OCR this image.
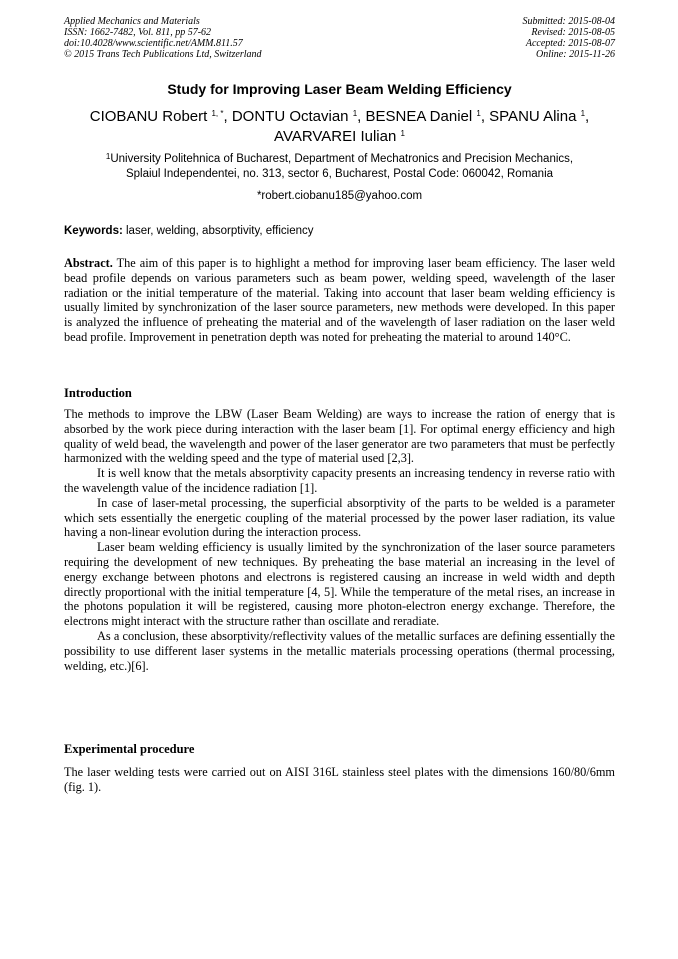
Applied Mechanics and Materials
ISSN: 1662-7482, Vol. 811, pp 57-62
doi:10.4028/www.scientific.net/AMM.811.57
© 2015 Trans Tech Publications Ltd, Switzerland
Submitted: 2015-08-04
Revised: 2015-08-05
Accepted: 2015-08-07
Online: 2015-11-26
Study for Improving Laser Beam Welding Efficiency
CIOBANU Robert $^{1, *}$, DONTU Octavian $^1$, BESNEA Daniel $^1$, SPANU Alina $^1$,
AVARVAREI Iulian $^1$
$^1$University Politehnica of Bucharest, Department of Mechatronics and Precision Mechanics,
Splaiul Independentei, no. 313, sector 6, Bucharest, Postal Code: 060042, Romania
*robert.ciobanu185@yahoo.com
Keywords: laser, welding, absorptivity, efficiency

Abstract. The aim of this paper is to highlight a method for improving laser beam efficiency. The laser weld bead profile depends on various parameters such as beam power, welding speed, wavelength of the laser radiation or the initial temperature of the material. Taking into account that laser beam welding efficiency is usually limited by synchronization of the laser source parameters, new methods were developed. In this paper is analyzed the influence of preheating the material and of the wavelength of laser radiation on the laser weld bead profile. Improvement in penetration depth was noted for preheating the material to around 140°C.

Introduction

The methods to improve the LBW (Laser Beam Welding) are ways to increase the ration of energy that is absorbed by the work piece during interaction with the laser beam [1]. For optimal energy efficiency and high quality of weld bead, the wavelength and power of the laser generator are two parameters that must be perfectly harmonized with the welding speed and the type of material used [2,3].

It is well know that the metals absorptivity capacity presents an increasing tendency in reverse ratio with the wavelength value of the incidence radiation [1].

In case of laser-metal processing, the superficial absorptivity of the parts to be welded is a parameter which sets essentially the energetic coupling of the material processed by the power laser radiation, its value having a non-linear evolution during the interaction process.

Laser beam welding efficiency is usually limited by the synchronization of the laser source parameters requiring the development of new techniques. By preheating the base material an increasing in the level of energy exchange between photons and electrons is registered causing an increase in weld width and depth directly proportional with the initial temperature [4, 5]. While the temperature of the metal rises, an increase in the photons population it will be registered, causing more photon-electron energy exchange. Therefore, the electrons might interact with the structure rather than oscillate and reradiate.

As a conclusion, these absorptivity/reflectivity values of the metallic surfaces are defining essentially the possibility to use different laser systems in the metallic materials processing operations (thermal processing, welding, etc.)[6].

Experimental procedure

The laser welding tests were carried out on AISI 316L stainless steel plates with the dimensions 160/80/6mm (fig. 1).
